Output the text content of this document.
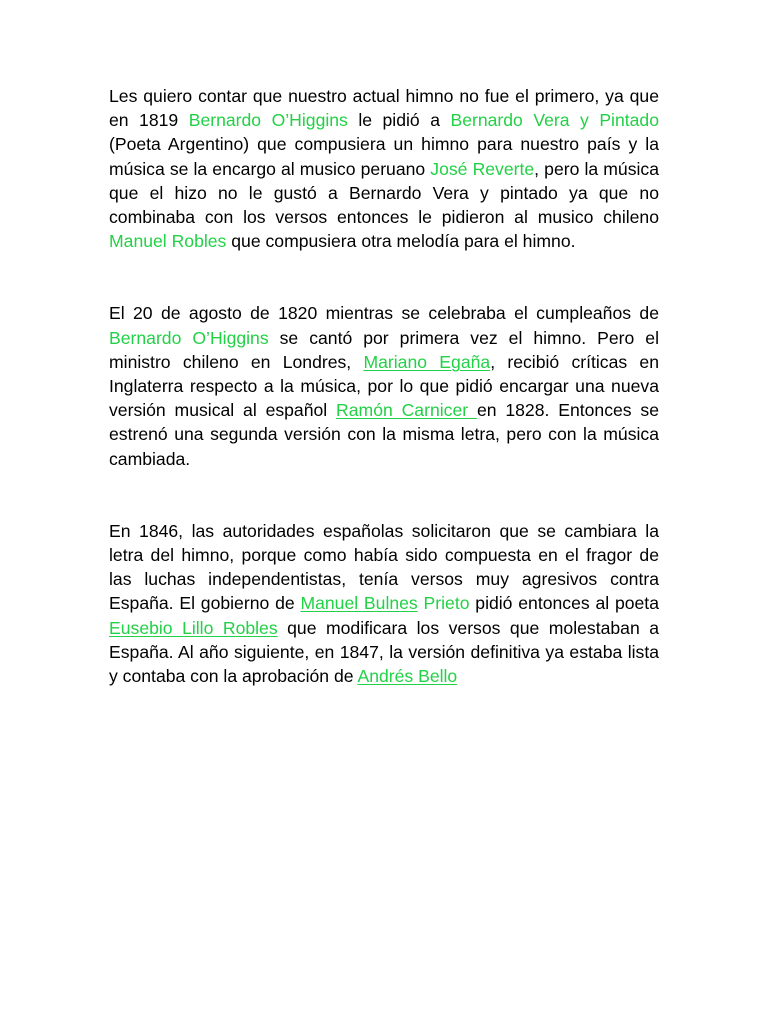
Les quiero contar que nuestro actual himno no fue el primero, ya que en 1819 Bernardo O’Higgins le pidió a Bernardo Vera y Pintado (Poeta Argentino) que compusiera un himno para nuestro país y la música se la encargo al musico peruano José Reverte, pero la música que el hizo no le gustó a Bernardo Vera y pintado ya que no combinaba con los versos entonces le pidieron al musico chileno Manuel Robles que compusiera otra melodía para el himno.

El 20 de agosto de 1820 mientras se celebraba el cumpleaños de Bernardo O’Higgins se cantó por primera vez el himno. Pero el ministro chileno en Londres, Mariano Egaña, recibió críticas en Inglaterra respecto a la música, por lo que pidió encargar una nueva versión musical al español Ramón Carnicer en 1828. Entonces se estrenó una segunda versión con la misma letra, pero con la música cambiada.

En 1846, las autoridades españolas solicitaron que se cambiara la letra del himno, porque como había sido compuesta en el fragor de las luchas independentistas, tenía versos muy agresivos contra España. El gobierno de Manuel Bulnes Prieto pidió entonces al poeta Eusebio Lillo Robles que modificara los versos que molestaban a España. Al año siguiente, en 1847, la versión definitiva ya estaba lista y contaba con la aprobación de Andrés Bello
